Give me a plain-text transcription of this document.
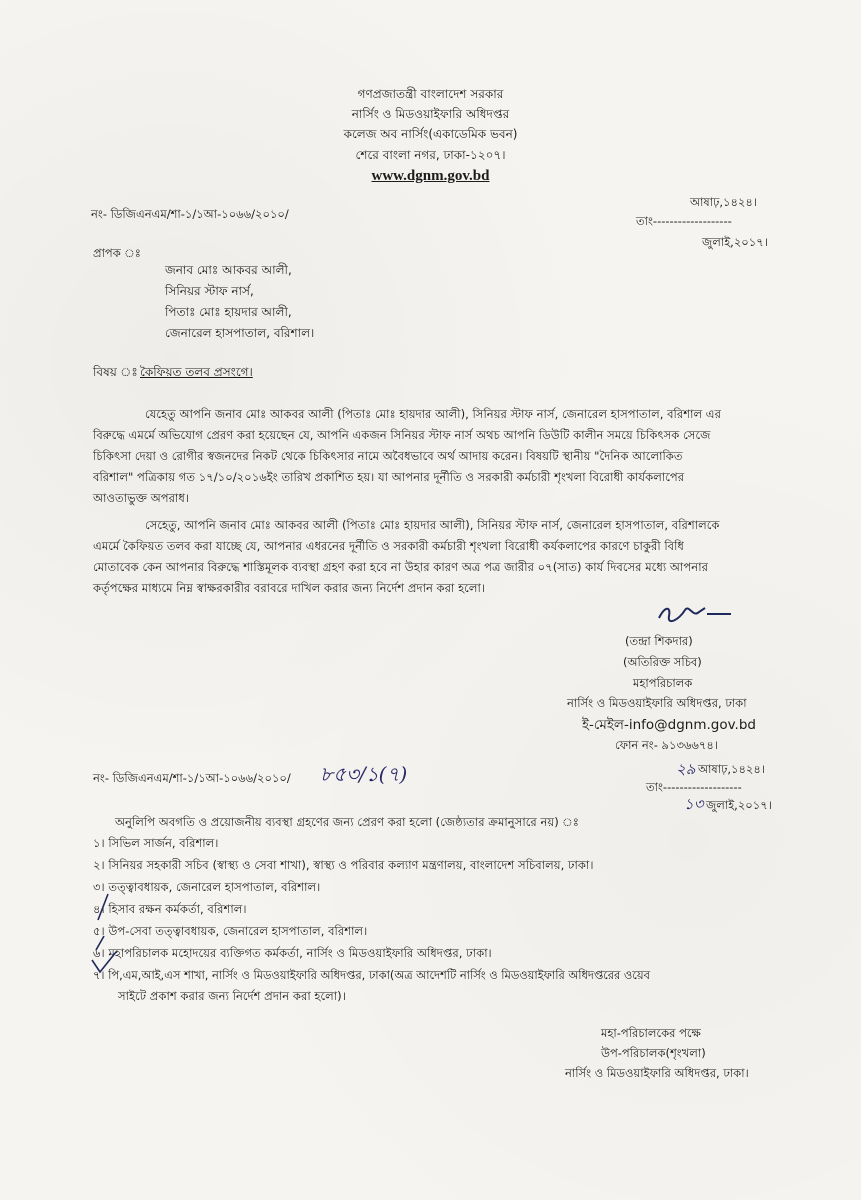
গণপ্রজাতন্ত্রী বাংলাদেশ সরকার
নার্সিং ও মিডওয়াইফারি অধিদপ্তর
কলেজ অব নার্সিং(একাডেমিক ভবন)
শেরে বাংলা নগর, ঢাকা-১২০৭।
www.dgnm.gov.bd
নং- ডিজিএনএম/শা-১/১আ-১০৬৬/২০১০/
আষাঢ়,১৪২৪।
তাং-------------------
জুলাই,২০১৭।
প্রাপক ঃ
জনাব মোঃ আকবর আলী,
সিনিয়র স্টাফ নার্স,
পিতাঃ মোঃ হায়দার আলী,
জেনারেল হাসপাতাল, বরিশাল।
বিষয় ঃ কৈফিয়ত তলব প্রসংগে।
যেহেতু আপনি জনাব মোঃ আকবর আলী (পিতাঃ মোঃ হায়দার আলী), সিনিয়র স্টাফ নার্স, জেনারেল হাসপাতাল, বরিশাল এর
বিরুদ্ধে এমর্মে অভিযোগ প্রেরণ করা হয়েছেন যে, আপনি একজন সিনিয়র স্টাফ নার্স অথচ আপনি ডিউটি কালীন সময়ে চিকিৎসক সেজে
চিকিৎসা দেয়া ও রোগীর স্বজনদের নিকট থেকে চিকিৎসার নামে অবৈধভাবে অর্থ আদায় করেন। বিষয়টি স্থানীয় "দৈনিক আলোকিত
বরিশাল" পত্রিকায় গত ১৭/১০/২০১৬ইং তারিখ প্রকাশিত হয়। যা আপনার দূর্নীতি ও সরকারী কর্মচারী শৃংখলা বিরোধী কার্যকলাপের
আওতাভুক্ত অপরাধ।
সেহেতু, আপনি জনাব মোঃ আকবর আলী (পিতাঃ মোঃ হায়দার আলী), সিনিয়র স্টাফ নার্স, জেনারেল হাসপাতাল, বরিশালকে
এমর্মে কৈফিয়ত তলব করা যাচ্ছে যে, আপনার এধরনের দূর্নীতি ও সরকারী কর্মচারী শৃংখলা বিরোধী কর্যকলাপের কারণে চাকুরী বিধি
মোতাবেক কেন আপনার বিরুদ্ধে শাস্তিমূলক ব্যবস্থা গ্রহণ করা হবে না উহার কারণ অত্র পত্র জারীর ০৭(সাত) কার্য দিবসের মধ্যে আপনার
কর্তৃপক্ষের মাধ্যমে নিম্ন স্বাক্ষরকারীর বরাবরে দাখিল করার জন্য নির্দেশ প্রদান করা হলো।
(তন্দ্রা শিকদার)
(অতিরিক্ত সচিব)
মহাপরিচালক
নার্সিং ও মিডওয়াইফারি অধিদপ্তর, ঢাকা
ই-মেইল-info@dgnm.gov.bd
ফোন নং- ৯১৩৬৬৭৪।
নং- ডিজিএনএম/শা-১/১আ-১০৬৬/২০১০/ ৮৫৩/১(৭)	২৯ আষাঢ়,১৪২৪।
তাং-------------------
১৩ জুলাই,২০১৭।
অনুলিপি অবগতি ও প্রয়োজনীয় ব্যবস্থা গ্রহণের জন্য প্রেরণ করা হলো (জেষ্ঠ্যতার ক্রমানুসারে নয়) ঃ
১। সিভিল সার্জন, বরিশাল।
২। সিনিয়র সহকারী সচিব (স্বাস্থ্য ও সেবা শাখা), স্বাস্থ্য ও পরিবার কল্যাণ মন্ত্রণালয়, বাংলাদেশ সচিবালয়, ঢাকা।
৩। তত্ত্বাবধায়ক, জেনারেল হাসপাতাল, বরিশাল।
৪। হিসাব রক্ষন কর্মকর্তা, বরিশাল।
৫। উপ-সেবা তত্ত্বাবধায়ক, জেনারেল হাসপাতাল, বরিশাল।
৬। মহাপরিচালক মহোদয়ের ব্যক্তিগত কর্মকর্তা, নার্সিং ও মিডওয়াইফারি অধিদপ্তর, ঢাকা।
৭। পি,এম,আই,এস শাখা, নার্সিং ও মিডওয়াইফারি অধিদপ্তর, ঢাকা(অত্র আদেশটি নার্সিং ও মিডওয়াইফারি অধিদপ্তরের ওয়েব
সাইটে প্রকাশ করার জন্য নির্দেশ প্রদান করা হলো)।
মহা-পরিচালকের পক্ষে
উপ-পরিচালক(শৃংখলা)
নার্সিং ও মিডওয়াইফারি অধিদপ্তর, ঢাকা।
